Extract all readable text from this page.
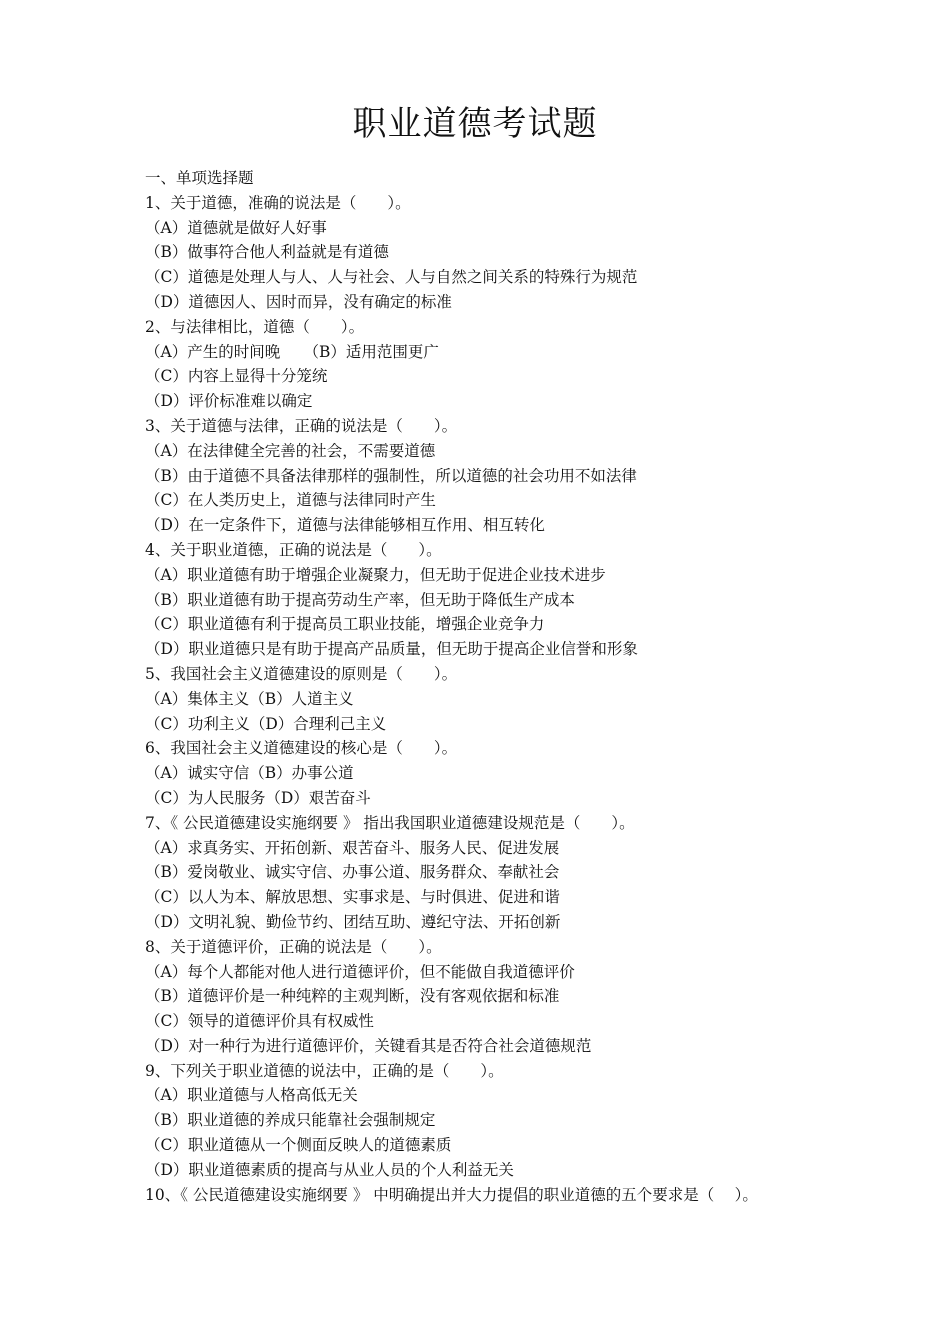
职业道德考试题
一、单项选择题
1、关于道德，准确的说法是（　　）。
（A）道德就是做好人好事
（B）做事符合他人利益就是有道德
（C）道德是处理人与人、人与社会、人与自然之间关系的特殊行为规范
（D）道德因人、因时而异，没有确定的标准
2、与法律相比，道德（　　）。
（A）产生的时间晚　　（B）适用范围更广
（C）内容上显得十分笼统
（D）评价标准难以确定
3、关于道德与法律，正确的说法是（　　）。
（A）在法律健全完善的社会，不需要道德
（B）由于道德不具备法律那样的强制性，所以道德的社会功用不如法律
（C）在人类历史上，道德与法律同时产生
（D）在一定条件下，道德与法律能够相互作用、相互转化
4、关于职业道德，正确的说法是（　　）。
（A）职业道德有助于增强企业凝聚力，但无助于促进企业技术进步
（B）职业道德有助于提高劳动生产率，但无助于降低生产成本
（C）职业道德有利于提高员工职业技能，增强企业竞争力
（D）职业道德只是有助于提高产品质量，但无助于提高企业信誉和形象
5、我国社会主义道德建设的原则是（　　）。
（A）集体主义（B）人道主义
（C）功利主义（D）合理利己主义
6、我国社会主义道德建设的核心是（　　）。
（A）诚实守信（B）办事公道
（C）为人民服务（D）艰苦奋斗
7、《 公民道德建设实施纲要 》 指出我国职业道德建设规范是（　　）。
（A）求真务实、开拓创新、艰苦奋斗、服务人民、促进发展
（B）爱岗敬业、诚实守信、办事公道、服务群众、奉献社会
（C）以人为本、解放思想、实事求是、与时俱进、促进和谐
（D）文明礼貌、勤俭节约、团结互助、遵纪守法、开拓创新
8、关于道德评价，正确的说法是（　　）。
（A）每个人都能对他人进行道德评价，但不能做自我道德评价
（B）道德评价是一种纯粹的主观判断，没有客观依据和标准
（C）领导的道德评价具有权威性
（D）对一种行为进行道德评价，关键看其是否符合社会道德规范
9、下列关于职业道德的说法中，正确的是（　　）。
（A）职业道德与人格高低无关
（B）职业道德的养成只能靠社会强制规定
（C）职业道德从一个侧面反映人的道德素质
（D）职业道德素质的提高与从业人员的个人利益无关
10、《 公民道德建设实施纲要 》 中明确提出并大力提倡的职业道德的五个要求是（　 ）。
